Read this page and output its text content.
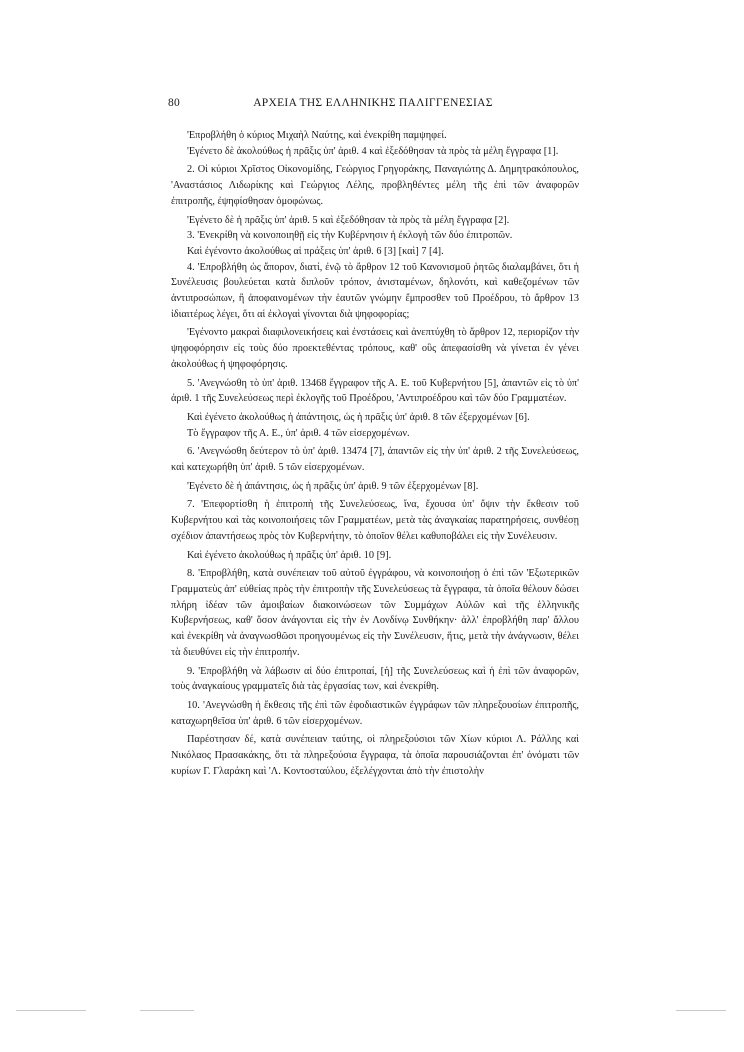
80	ΑΡΧΕΙΑ ΤΗΣ ΕΛΛΗΝΙΚΗΣ ΠΑΛΙΓΓΕΝΕΣΙΑΣ

'Επροβλήθη ὁ κύριος Μιχαὴλ Ναύτης, καὶ ἐνεκρίθη παμψηφεί.

'Εγένετο δὲ ἀκολούθως ἡ πρᾶξις ὑπ' ἀριθ. 4 καὶ ἐξεδόθησαν τὰ πρὸς τὰ μέλη ἔγγραφα [1].

2. Οἱ κύριοι Χρῖστος Οἰκονομίδης, Γεώργιος Γρηγοράκης, Παναγιώτης Δ. Δημητρακόπουλος, 'Αναστάσιος Λιδωρίκης καὶ Γεώργιος Λέλης, προβληθέντες μέλη τῆς ἐπὶ τῶν ἀναφορῶν ἐπιτροπῆς, ἐψηφίσθησαν ὁμοφώνως.

'Εγένετο δὲ ἡ πρᾶξις ὑπ' ἀριθ. 5 καὶ ἐξεδόθησαν τὰ πρὸς τὰ μέλη ἔγγραφα [2].

3. 'Ενεκρίθη νὰ κοινοποιηθῇ εἰς τὴν Κυβέρνησιν ἡ ἐκλογὴ τῶν δύο ἐπιτροπῶν.

Καὶ ἐγένοντο ἀκολούθως αἱ πράξεις ὑπ' ἀριθ. 6 [3] [καὶ] 7 [4].

4. 'Επροβλήθη ὡς ἄπορον, διατί, ἐνῷ τὸ ἄρθρον 12 τοῦ Κανονισμοῦ ῥητῶς διαλαμβάνει, ὅτι ἡ Συνέλευσις βουλεύεται κατὰ διπλοῦν τρόπον, ἀνισταμένων, δηλονότι, καὶ καθεζομένων τῶν ἀντιπροσώπων, ἢ ἀποφαινομένων τὴν ἑαυτῶν γνώμην ἔμπροσθεν τοῦ Προέδρου, τὸ ἄρθρον 13 ἰδιαιτέρως λέγει, ὅτι αἱ ἐκλογαὶ γίνονται διὰ ψηφοφορίας;

'Εγένοντο μακραὶ διαφιλονεικήσεις καὶ ἐνστάσεις καὶ ἀνεπτύχθη τὸ ἄρθρον 12, περιορίζον τὴν ψηφοφόρησιν εἰς τοὺς δύο προεκτεθέντας τρόπους, καθ' οὓς ἀπεφασίσθη νὰ γίνεται ἐν γένει ἀκολούθως ἡ ψηφοφόρησις.

5. 'Ανεγνώσθη τὸ ὑπ' ἀριθ. 13468 ἔγγραφον τῆς Α. Ε. τοῦ Κυβερνήτου [5], ἀπαντῶν εἰς τὸ ὑπ' ἀριθ. 1 τῆς Συνελεύσεως περὶ ἐκλογῆς τοῦ Προέδρου, 'Αντιπροέδρου καὶ τῶν δύο Γραμματέων.

Καὶ ἐγένετο ἀκολούθως ἡ ἀπάντησις, ὡς ἡ πρᾶξις ὑπ' ἀριθ. 8 τῶν ἐξερχομένων [6].

Τὸ ἔγγραφον τῆς Α. Ε., ὑπ' ἀριθ. 4 τῶν εἰσερχομένων.

6. 'Ανεγνώσθη δεύτερον τὸ ὑπ' ἀριθ. 13474 [7], ἀπαντῶν εἰς τὴν ὑπ' ἀριθ. 2 τῆς Συνελεύσεως, καὶ κατεχωρήθη ὑπ' ἀριθ. 5 τῶν εἰσερχομένων.

'Εγένετο δὲ ἡ ἀπάντησις, ὡς ἡ πρᾶξις ὑπ' ἀριθ. 9 τῶν ἐξερχομένων [8].

7. 'Επεφορτίσθη ἡ ἐπιτροπὴ τῆς Συνελεύσεως, ἵνα, ἔχουσα ὑπ' ὄψιν τὴν ἔκθεσιν τοῦ Κυβερνήτου καὶ τὰς κοινοποιήσεις τῶν Γραμματέων, μετὰ τὰς ἀναγκαίας παρατηρήσεις, συνθέσῃ σχέδιον ἀπαντήσεως πρὸς τὸν Κυβερνήτην, τὸ ὁποῖον θέλει καθυποβάλει εἰς τὴν Συνέλευσιν.

Καὶ ἐγένετο ἀκολούθως ἡ πρᾶξις ὑπ' ἀριθ. 10 [9].

8. 'Επροβλήθη, κατὰ συνέπειαν τοῦ αὐτοῦ ἐγγράφου, νὰ κοινοποιήσῃ ὁ ἐπὶ τῶν 'Εξωτερικῶν Γραμματεὺς ἀπ' εὐθείας πρὸς τὴν ἐπιτροπὴν τῆς Συνελεύσεως τὰ ἔγγραφα, τὰ ὁποῖα θέλουν δώσει πλήρη ἰδέαν τῶν ἀμοιβαίων διακοινώσεων τῶν Συμμάχων Αὐλῶν καὶ τῆς ἑλληνικῆς Κυβερνήσεως, καθ' ὅσον ἀνάγονται εἰς τὴν ἐν Λονδίνῳ Συνθήκην· ἀλλ' ἐπροβλήθη παρ' ἄλλου καὶ ἐνεκρίθη νὰ ἀναγνωσθῶσι προηγουμένως εἰς τὴν Συνέλευσιν, ἥτις, μετὰ τὴν ἀνάγνωσιν, θέλει τὰ διευθύνει εἰς τὴν ἐπιτροπήν.

9. 'Επροβλήθη νὰ λάβωσιν αἱ δύο ἐπιτροπαί, [ἡ] τῆς Συνελεύσεως καὶ ἡ ἐπὶ τῶν ἀναφορῶν, τοὺς ἀναγκαίους γραμματεῖς διὰ τὰς ἐργασίας των, καὶ ἐνεκρίθη.

10. 'Ανεγνώσθη ἡ ἔκθεσις τῆς ἐπὶ τῶν ἐφοδιαστικῶν ἐγγράφων τῶν πληρεξουσίων ἐπιτροπῆς, καταχωρηθεῖσα ὑπ' ἀριθ. 6 τῶν εἰσερχομένων.

Παρέστησαν δέ, κατὰ συνέπειαν ταύτης, οἱ πληρεξούσιοι τῶν Χίων κύριοι Λ. Ράλλης καὶ Νικόλαος Πρασακάκης, ὅτι τὰ πληρεξούσια ἔγγραφα, τὰ ὁποῖα παρουσιάζονται ἐπ' ὀνόματι τῶν κυρίων Γ. Γλαράκη καὶ 'Λ. Κοντοσταύλου, ἐξελέγχονται ἀπὸ τὴν ἐπιστολὴν
